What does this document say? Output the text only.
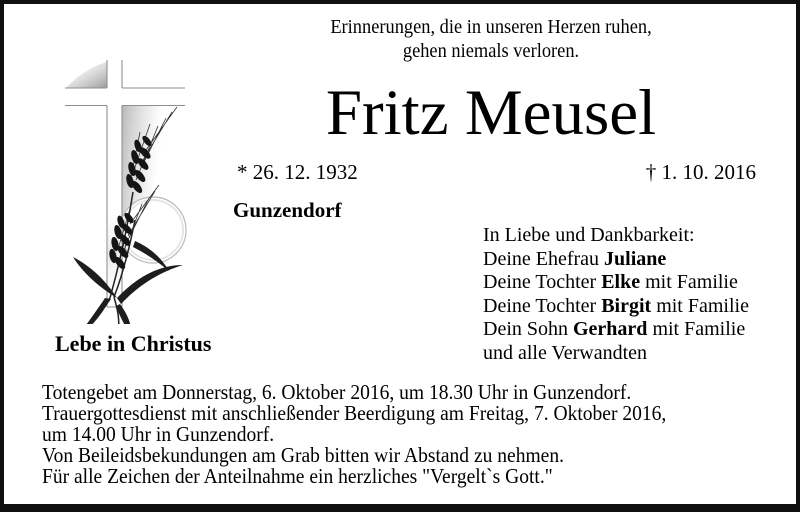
Erinnerungen, die in unseren Herzen ruhen,
gehen niemals verloren.
Fritz Meusel
* 26. 12. 1932	† 1. 10. 2016
Gunzendorf
In Liebe und Dankbarkeit:
Deine Ehefrau Juliane
Deine Tochter Elke mit Familie
Deine Tochter Birgit mit Familie
Dein Sohn Gerhard mit Familie
und alle Verwandten
Lebe in Christus
Totengebet am Donnerstag, 6. Oktober 2016, um 18.30 Uhr in Gunzendorf.
Trauergottesdienst mit anschließender Beerdigung am Freitag, 7. Oktober 2016,
um 14.00 Uhr in Gunzendorf.
Von Beileidsbekundungen am Grab bitten wir Abstand zu nehmen.
Für alle Zeichen der Anteilnahme ein herzliches "Vergelt`s Gott."
